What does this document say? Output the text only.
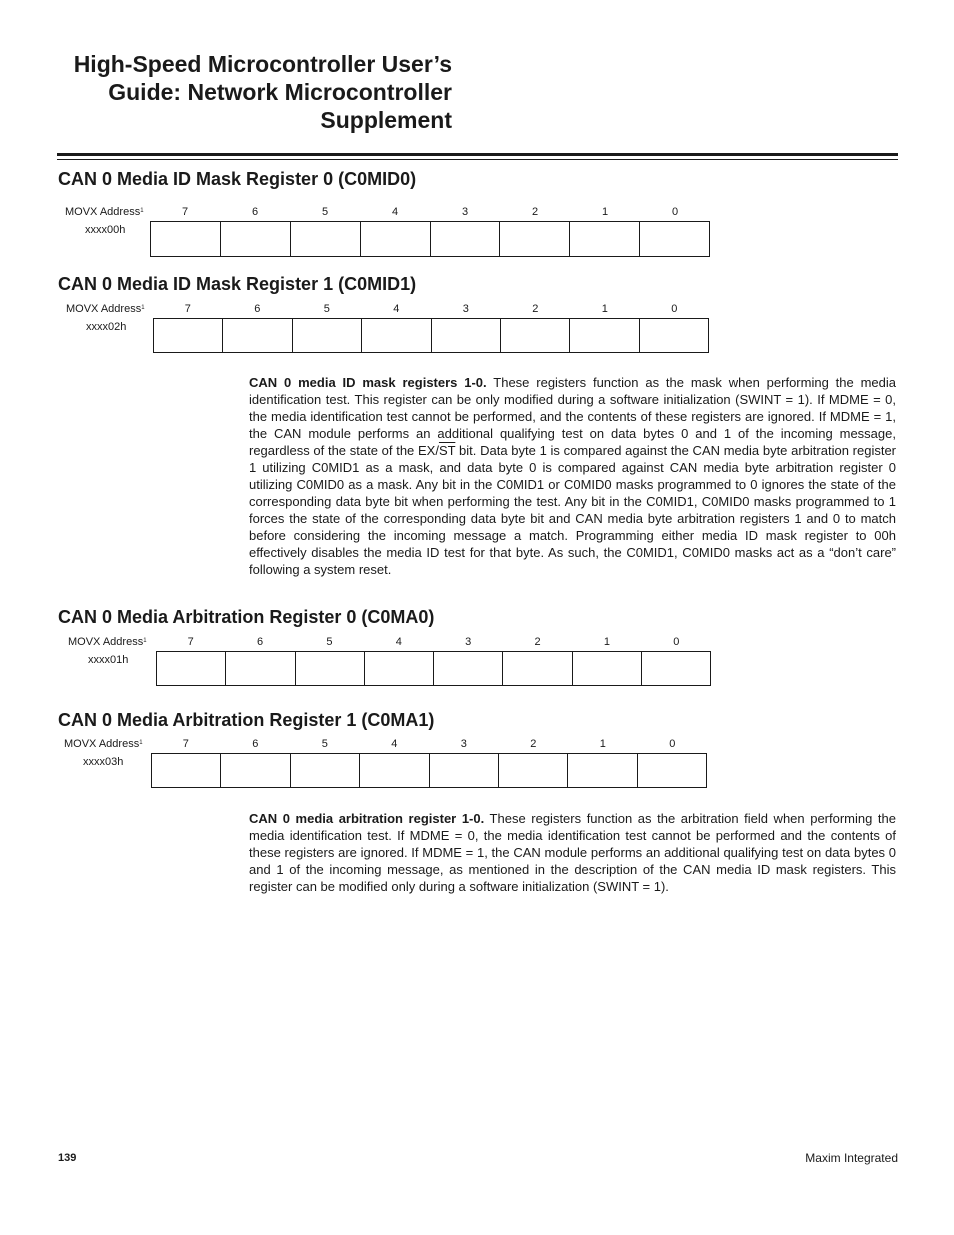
High-Speed Microcontroller User’s
Guide: Network Microcontroller
Supplement
CAN 0 Media ID Mask Register 0 (C0MID0)
MOVX Address$^1$
xxxx00h
7	6	5	4	3	2	1	0
CAN 0 Media ID Mask Register 1 (C0MID1)
MOVX Address$^1$
xxxx02h
7	6	5	4	3	2	1	0
CAN 0 media ID mask registers 1-0. These registers function as the mask when performing the media identification test. This register can be only modified during a software initialization (SWINT = 1). If MDME = 0, the media identification test cannot be performed, and the contents of these registers are ignored. If MDME = 1, the CAN module performs an additional qualifying test on data bytes 0 and 1 of the incoming message, regardless of the state of the $EX/\overline{ST}$ bit. Data byte 1 is compared against the CAN media byte arbitration register 1 utilizing C0MID1 as a mask, and data byte 0 is compared against CAN media byte arbitration register 0 utilizing C0MID0 as a mask. Any bit in the C0MID1 or C0MID0 masks programmed to 0 ignores the state of the corresponding data byte bit when performing the test. Any bit in the C0MID1, C0MID0 masks programmed to 1 forces the state of the corresponding data byte bit and CAN media byte arbitration registers 1 and 0 to match before considering the incoming message a match. Programming either media ID mask register to 00h effectively disables the media ID test for that byte. As such, the C0MID1, C0MID0 masks act as a “don’t care” following a system reset.
CAN 0 Media Arbitration Register 0 (C0MA0)
MOVX Address$^1$
xxxx01h
7	6	5	4	3	2	1	0
CAN 0 Media Arbitration Register 1 (C0MA1)
MOVX Address$^1$
xxxx03h
7	6	5	4	3	2	1	0
CAN 0 media arbitration register 1-0. These registers function as the arbitration field when performing the media identification test. If MDME = 0, the media identification test cannot be performed and the contents of these registers are ignored. If MDME = 1, the CAN module performs an additional qualifying test on data bytes 0 and 1 of the incoming message, as mentioned in the description of the CAN media ID mask registers. This register can be modified only during a software initialization (SWINT = 1).
139	Maxim Integrated
